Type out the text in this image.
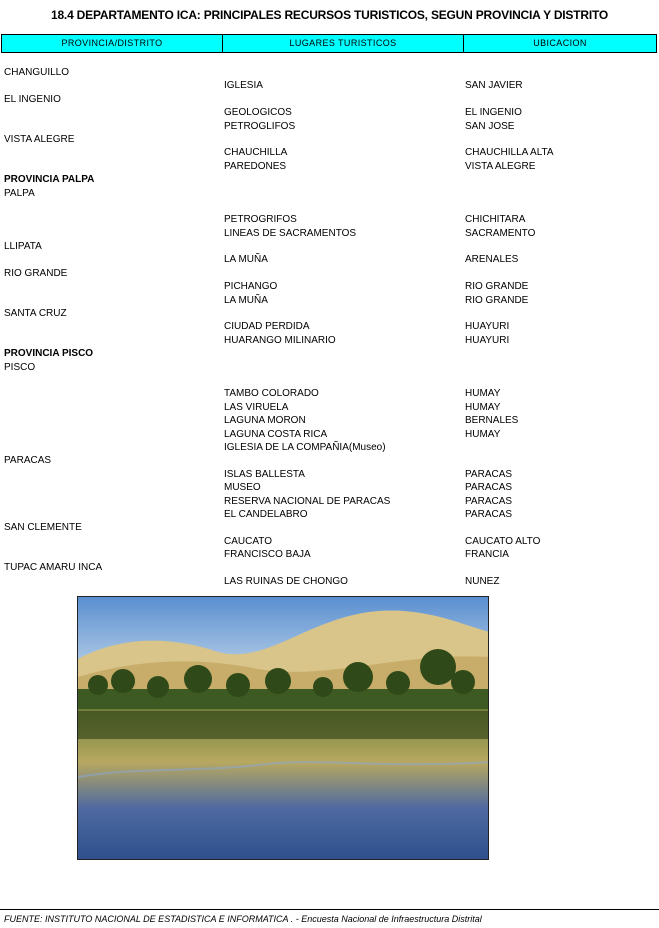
18.4 DEPARTAMENTO ICA: PRINCIPALES RECURSOS TURISTICOS, SEGUN PROVINCIA Y DISTRITO
PROVINCIA/DISTRITO	LUGARES TURISTICOS	UBICACION
CHANGUILLO
IGLESIA	SAN JAVIER
EL INGENIO
GEOLOGICOS	EL INGENIO
PETROGLIFOS	SAN JOSE
VISTA ALEGRE
CHAUCHILLA	CHAUCHILLA ALTA
PAREDONES	VISTA ALEGRE
PROVINCIA PALPA
PALPA
PETROGRIFOS	CHICHITARA
LINEAS DE SACRAMENTOS	SACRAMENTO
LLIPATA
LA MUÑA	ARENALES
RIO GRANDE
PICHANGO	RIO GRANDE
LA MUÑA	RIO GRANDE
SANTA CRUZ
CIUDAD PERDIDA	HUAYURI
HUARANGO MILINARIO	HUAYURI
PROVINCIA PISCO
PISCO
TAMBO COLORADO	HUMAY
LAS VIRUELA	HUMAY
LAGUNA MORON	BERNALES
LAGUNA COSTA RICA	HUMAY
IGLESIA DE LA COMPAÑIA(Museo)
PARACAS
ISLAS BALLESTA	PARACAS
MUSEO	PARACAS
RESERVA NACIONAL DE PARACAS	PARACAS
EL CANDELABRO	PARACAS
SAN CLEMENTE
CAUCATO	CAUCATO ALTO
FRANCISCO BAJA	FRANCIA
TUPAC AMARU INCA
LAS RUINAS DE CHONGO	NUNEZ
FUENTE: INSTITUTO NACIONAL DE ESTADISTICA E INFORMATICA . - Encuesta Nacional de Infraestructura Distrital
